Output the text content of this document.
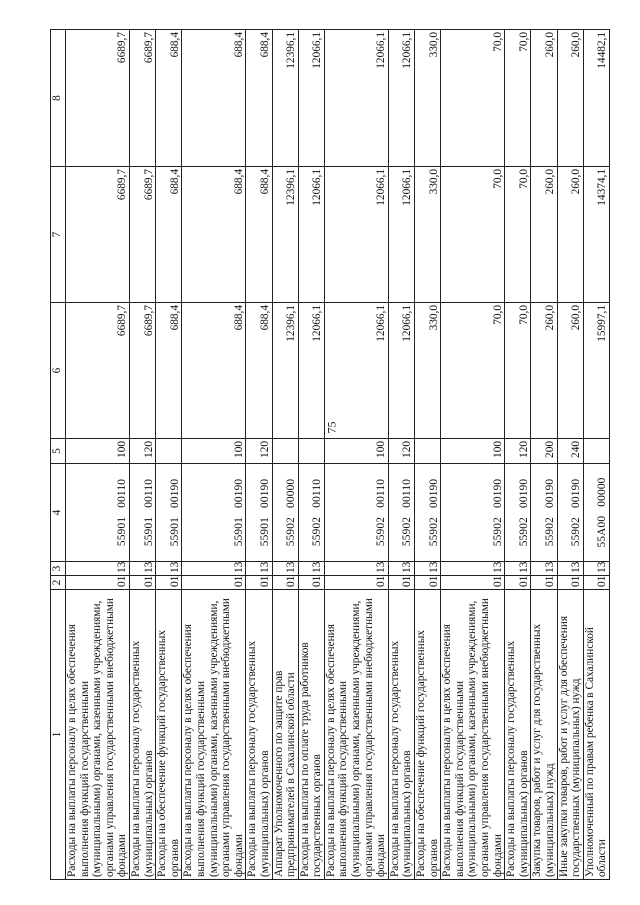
75
1	2	3	4	5	6	7	8
Расходы на выплаты персоналу в целях обеспечения выполнения функций государственными (муниципальными) органами, казенными учреждениями, органами управления государственными внебюджетными фондами	01	13	55901   00110	100	6689,7	6689,7	6689,7
Расходы на выплаты персоналу государственных (муниципальных) органов	01	13	55901   00110	120	6689,7	6689,7	6689,7
Расходы на обеспечение функций государственных органов	01	13	55901   00190		688,4	688,4	688,4
Расходы на выплаты персоналу в целях обеспечения выполнения функций государственными (муниципальными) органами, казенными учреждениями, органами управления государственными внебюджетными фондами	01	13	55901   00190	100	688,4	688,4	688,4
Расходы на выплаты персоналу государственных (муниципальных) органов	01	13	55901   00190	120	688,4	688,4	688,4
Аппарат Уполномоченного по защите прав предпринимателей в Сахалинской области	01	13	55902   00000		12396,1	12396,1	12396,1
Расходы на выплаты по оплате труда работников государственных органов	01	13	55902   00110		12066,1	12066,1	12066,1
Расходы на выплаты персоналу в целях обеспечения выполнения функций государственными (муниципальными) органами, казенными учреждениями, органами управления государственными внебюджетными фондами	01	13	55902   00110	100	12066,1	12066,1	12066,1
Расходы на выплаты персоналу государственных (муниципальных) органов	01	13	55902   00110	120	12066,1	12066,1	12066,1
Расходы на обеспечение функций государственных органов	01	13	55902   00190		330,0	330,0	330,0
Расходы на выплаты персоналу в целях обеспечения выполнения функций государственными (муниципальными) органами, казенными учреждениями, органами управления государственными внебюджетными фондами	01	13	55902   00190	100	70,0	70,0	70,0
Расходы на выплаты персоналу государственных (муниципальных) органов	01	13	55902   00190	120	70,0	70,0	70,0
Закупка товаров, работ и услуг для государственных (муниципальных) нужд	01	13	55902   00190	200	260,0	260,0	260,0
Иные закупки товаров, работ и услуг для обеспечения государственных (муниципальных) нужд	01	13	55902   00190	240	260,0	260,0	260,0
Уполномоченный по правам ребенка в Сахалинской области	01	13	55А00   00000		15997,1	14374,1	14482,1
